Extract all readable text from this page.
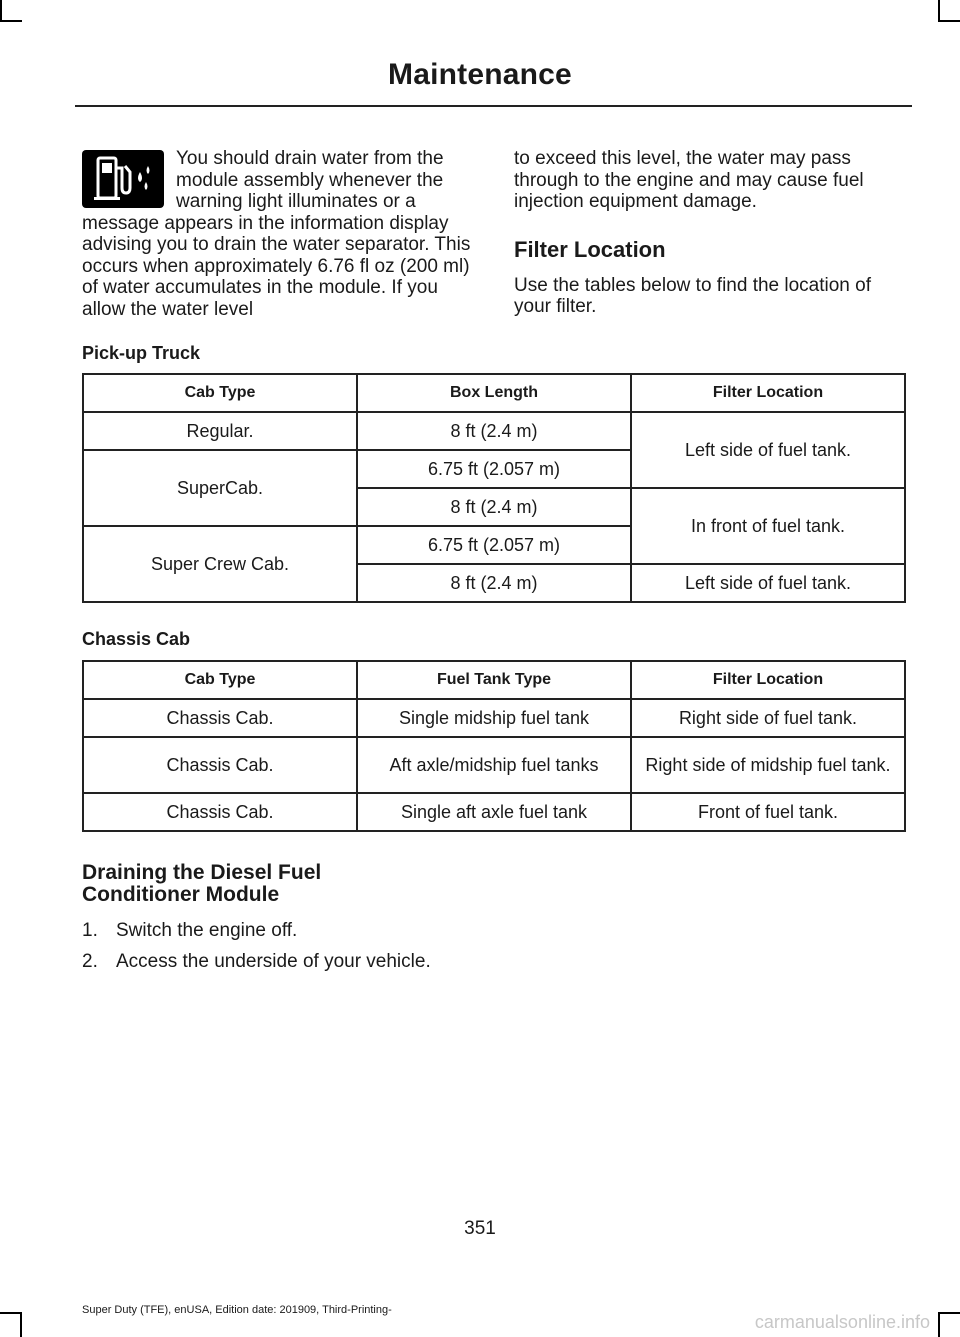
Maintenance

You should drain water from the module assembly whenever the warning light illuminates or a message appears in the information display advising you to drain the water separator. This occurs when approximately 6.76 fl oz (200 ml) of water accumulates in the module. If you allow the water level

to exceed this level, the water may pass through to the engine and may cause fuel injection equipment damage.

Filter Location

Use the tables below to find the location of your filter.

Pick-up Truck
Cab Type	Box Length	Filter Location
Regular.	8 ft (2.4 m)	Left side of fuel tank.
SuperCab.	6.75 ft (2.057 m)	
	8 ft (2.4 m)	In front of fuel tank.
Super Crew Cab.	6.75 ft (2.057 m)	
	8 ft (2.4 m)	Left side of fuel tank.
Chassis Cab
Cab Type	Fuel Tank Type	Filter Location
Chassis Cab.	Single midship fuel tank	Right side of fuel tank.
Chassis Cab.	Aft axle/midship fuel tanks	Right side of midship fuel tank.
Chassis Cab.	Single aft axle fuel tank	Front of fuel tank.
Draining the Diesel Fuel
Conditioner Module
1. Switch the engine off.
2. Access the underside of your vehicle.
351
Super Duty (TFE), enUSA, Edition date: 201909, Third-Printing-
carmanualsonline.info
